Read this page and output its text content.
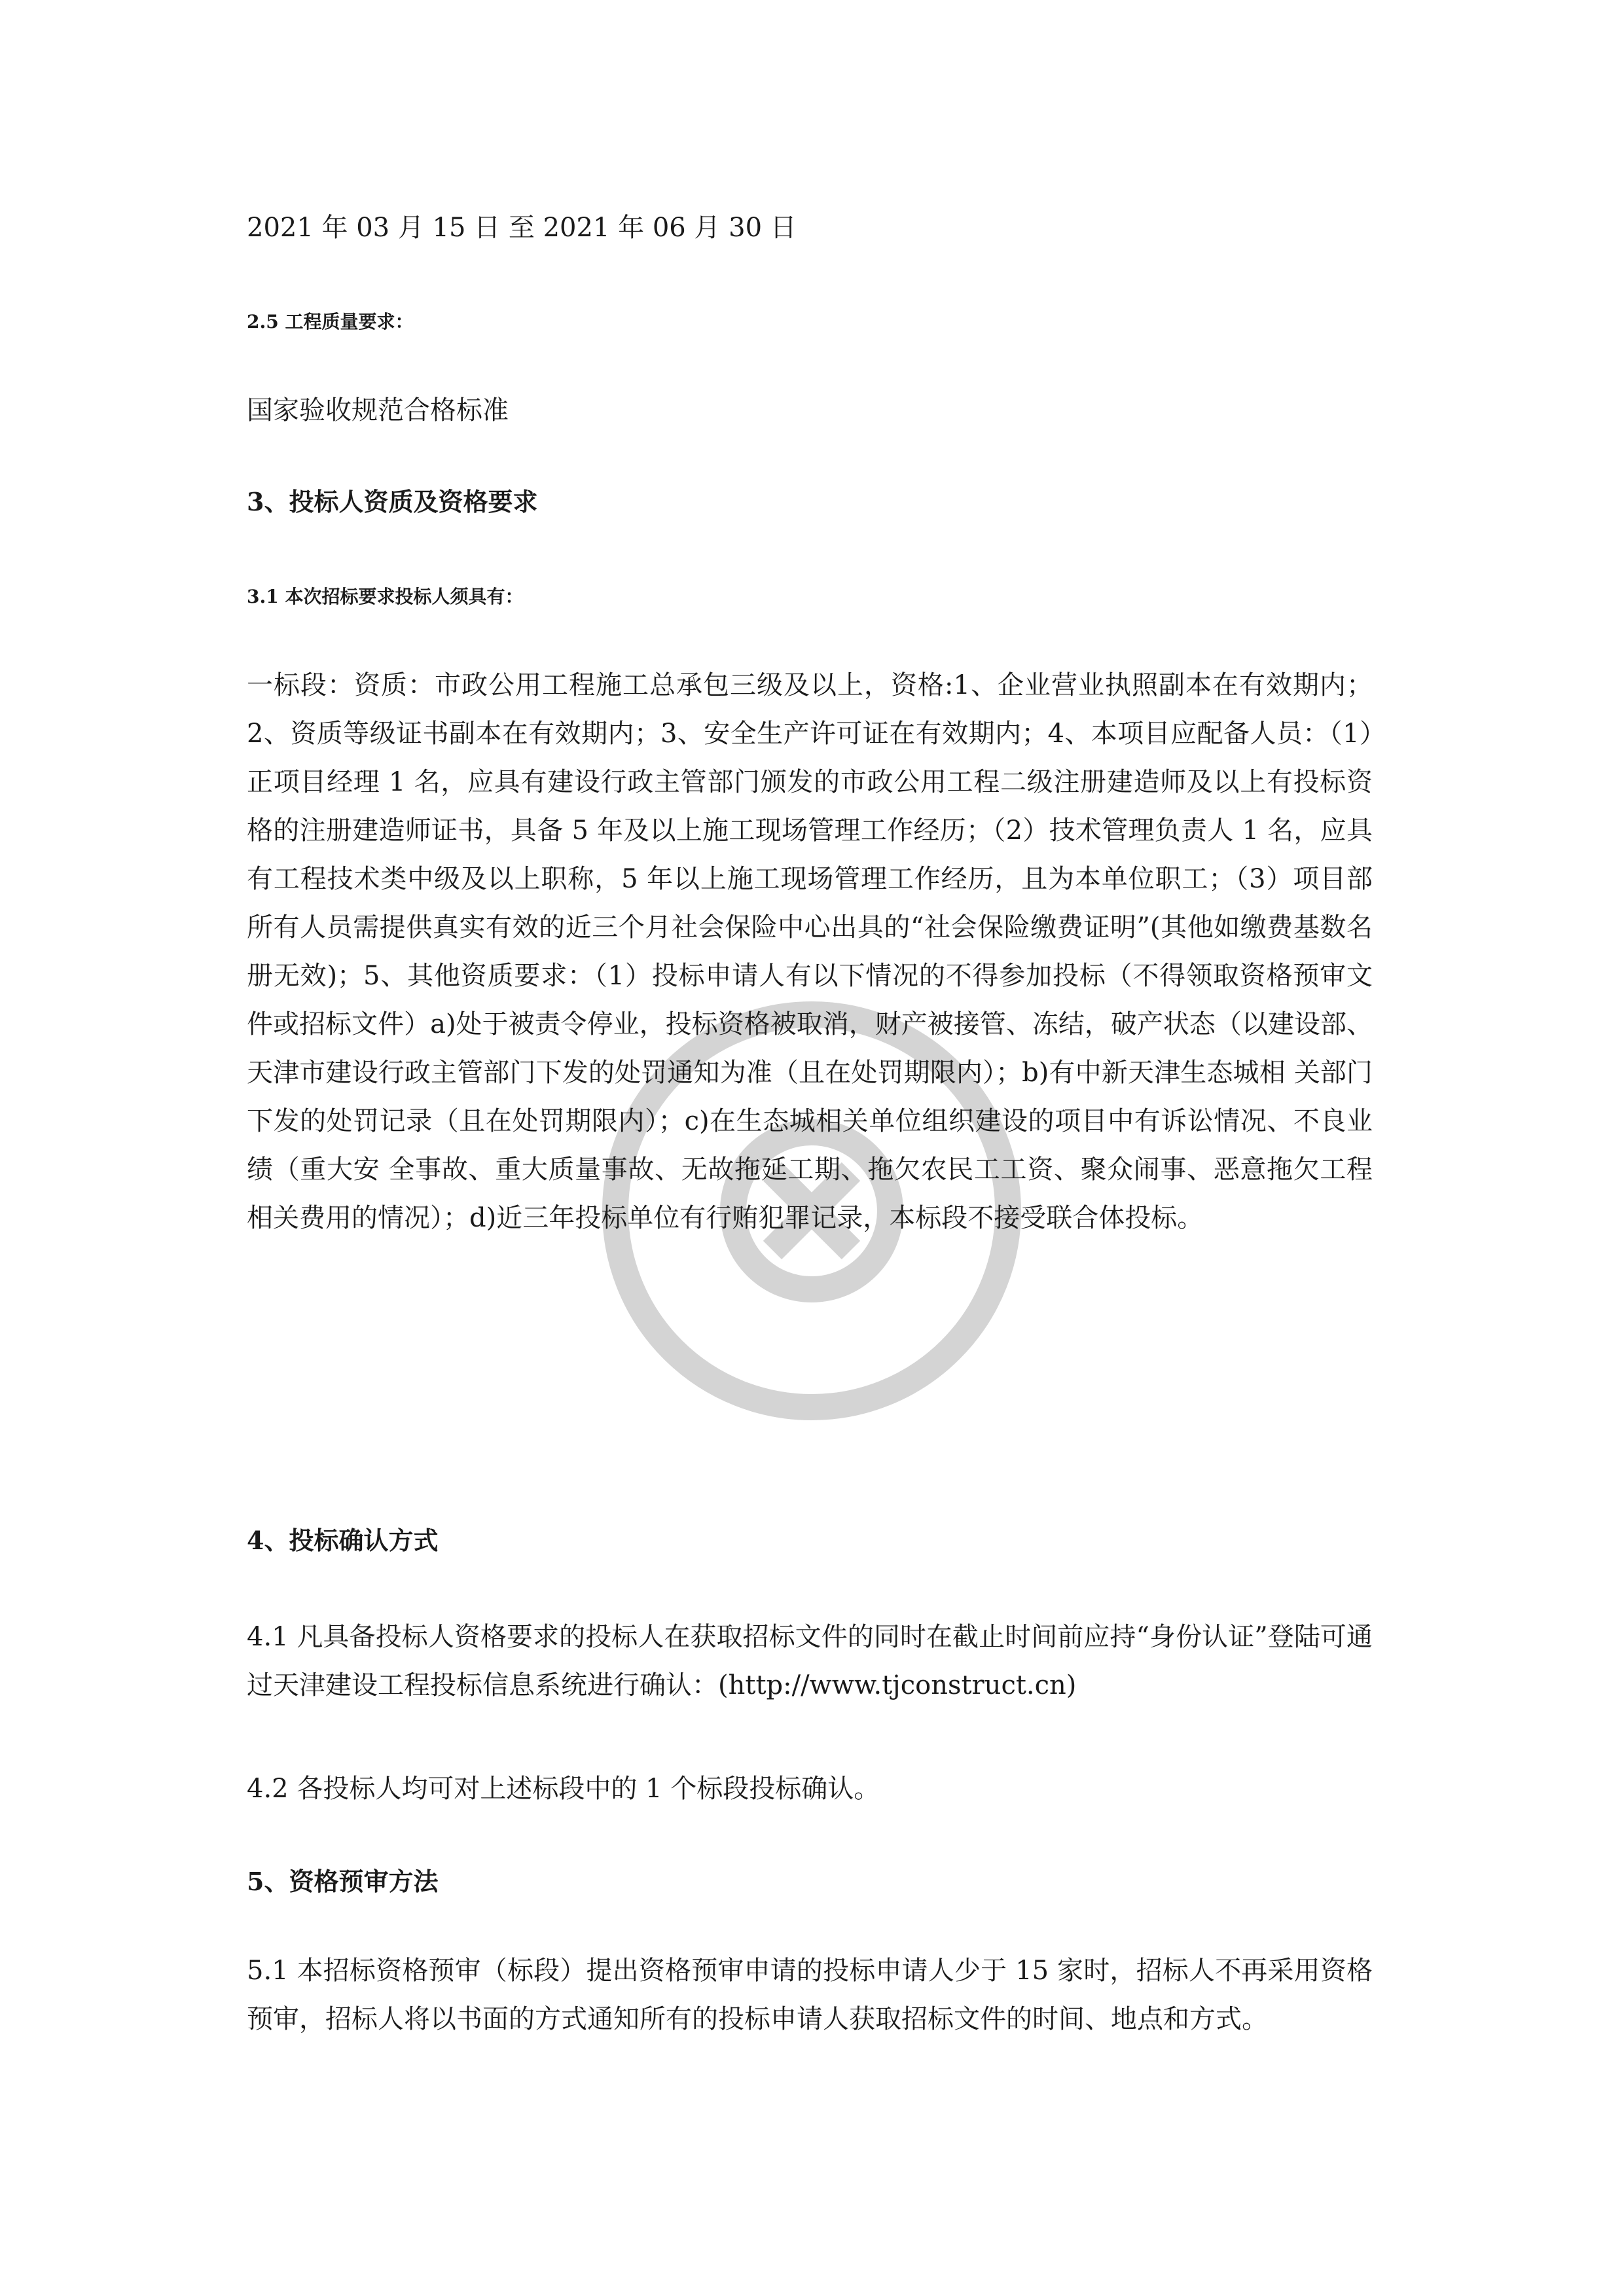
2021 年 03 月 15 日 至 2021 年 06 月 30 日
2.5 工程质量要求：
国家验收规范合格标准
3、投标人资质及资格要求
3.1 本次招标要求投标人须具有：
一标段：资质：市政公用工程施工总承包三级及以上，资格:1、企业营业执照副本在有效期内；2、资质等级证书副本在有效期内；3、安全生产许可证在有效期内；4、本项目应配备人员：（1）正项目经理 1 名，应具有建设行政主管部门颁发的市政公用工程二级注册建造师及以上有投标资格的注册建造师证书，具备 5 年及以上施工现场管理工作经历；（2）技术管理负责人 1 名，应具有工程技术类中级及以上职称，5 年以上施工现场管理工作经历，且为本单位职工；（3）项目部所有人员需提供真实有效的近三个月社会保险中心出具的“社会保险缴费证明”(其他如缴费基数名册无效)；5、其他资质要求：（1）投标申请人有以下情况的不得参加投标（不得领取资格预审文件或招标文件）a)处于被责令停业，投标资格被取消，财产被接管、冻结，破产状态（以建设部、天津市建设行政主管部门下发的处罚通知为准（且在处罚期限内）；b)有中新天津生态城相 关部门下发的处罚记录（且在处罚期限内）；c)在生态城相关单位组织建设的项目中有诉讼情况、不良业绩（重大安 全事故、重大质量事故、无故拖延工期、拖欠农民工工资、聚众闹事、恶意拖欠工程相关费用的情况）；d)近三年投标单位有行贿犯罪记录，本标段不接受联合体投标。
4、投标确认方式
4.1 凡具备投标人资格要求的投标人在获取招标文件的同时在截止时间前应持“身份认证”登陆可通过天津建设工程投标信息系统进行确认：(http://www.tjconstruct.cn)
4.2 各投标人均可对上述标段中的 1 个标段投标确认。
5、资格预审方法
5.1 本招标资格预审（标段）提出资格预审申请的投标申请人少于 15 家时，招标人不再采用资格预审，招标人将以书面的方式通知所有的投标申请人获取招标文件的时间、地点和方式。
